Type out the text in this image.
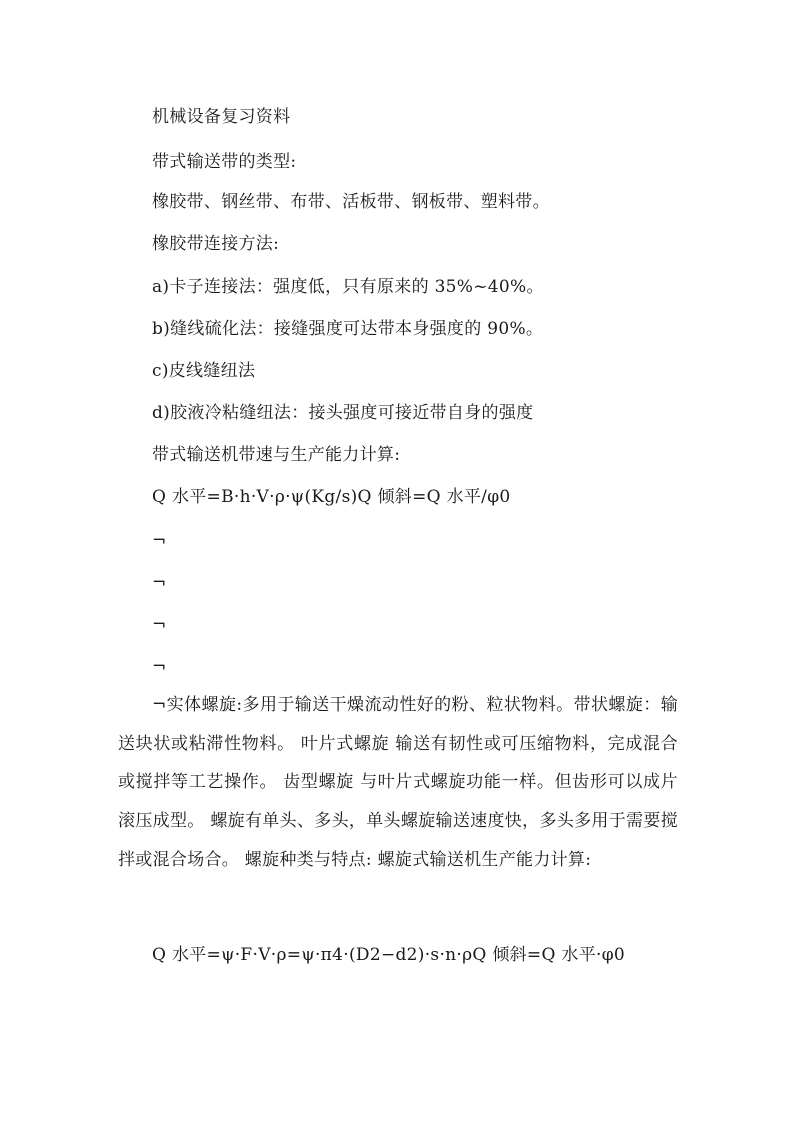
机械设备复习资料
带式输送带的类型:
橡胶带、钢丝带、布带、活板带、钢板带、塑料带。
橡胶带连接方法:
a)卡子连接法：强度低，只有原来的 35%~40%。
b)缝线硫化法：接缝强度可达带本身强度的 90%。
c)皮线缝纽法
d)胶液冷粘缝纽法：接头强度可接近带自身的强度
带式输送机带速与生产能力计算:
Q 水平=B·h·V·ρ·ψ(Kg/s)Q 倾斜=Q 水平/φ0
¬
¬
¬
¬
¬实体螺旋:多用于输送干燥流动性好的粉、粒状物料。带状螺旋：输送块状或粘滞性物料。 叶片式螺旋 输送有韧性或可压缩物料，完成混合或搅拌等工艺操作。 齿型螺旋 与叶片式螺旋功能一样。但齿形可以成片滚压成型。 螺旋有单头、多头，单头螺旋输送速度快，多头多用于需要搅拌或混合场合。 螺旋种类与特点: 螺旋式输送机生产能力计算:
Q 水平=ψ·F·V·ρ=ψ·π4·(D2−d2)·s·n·ρQ 倾斜=Q 水平·φ0
